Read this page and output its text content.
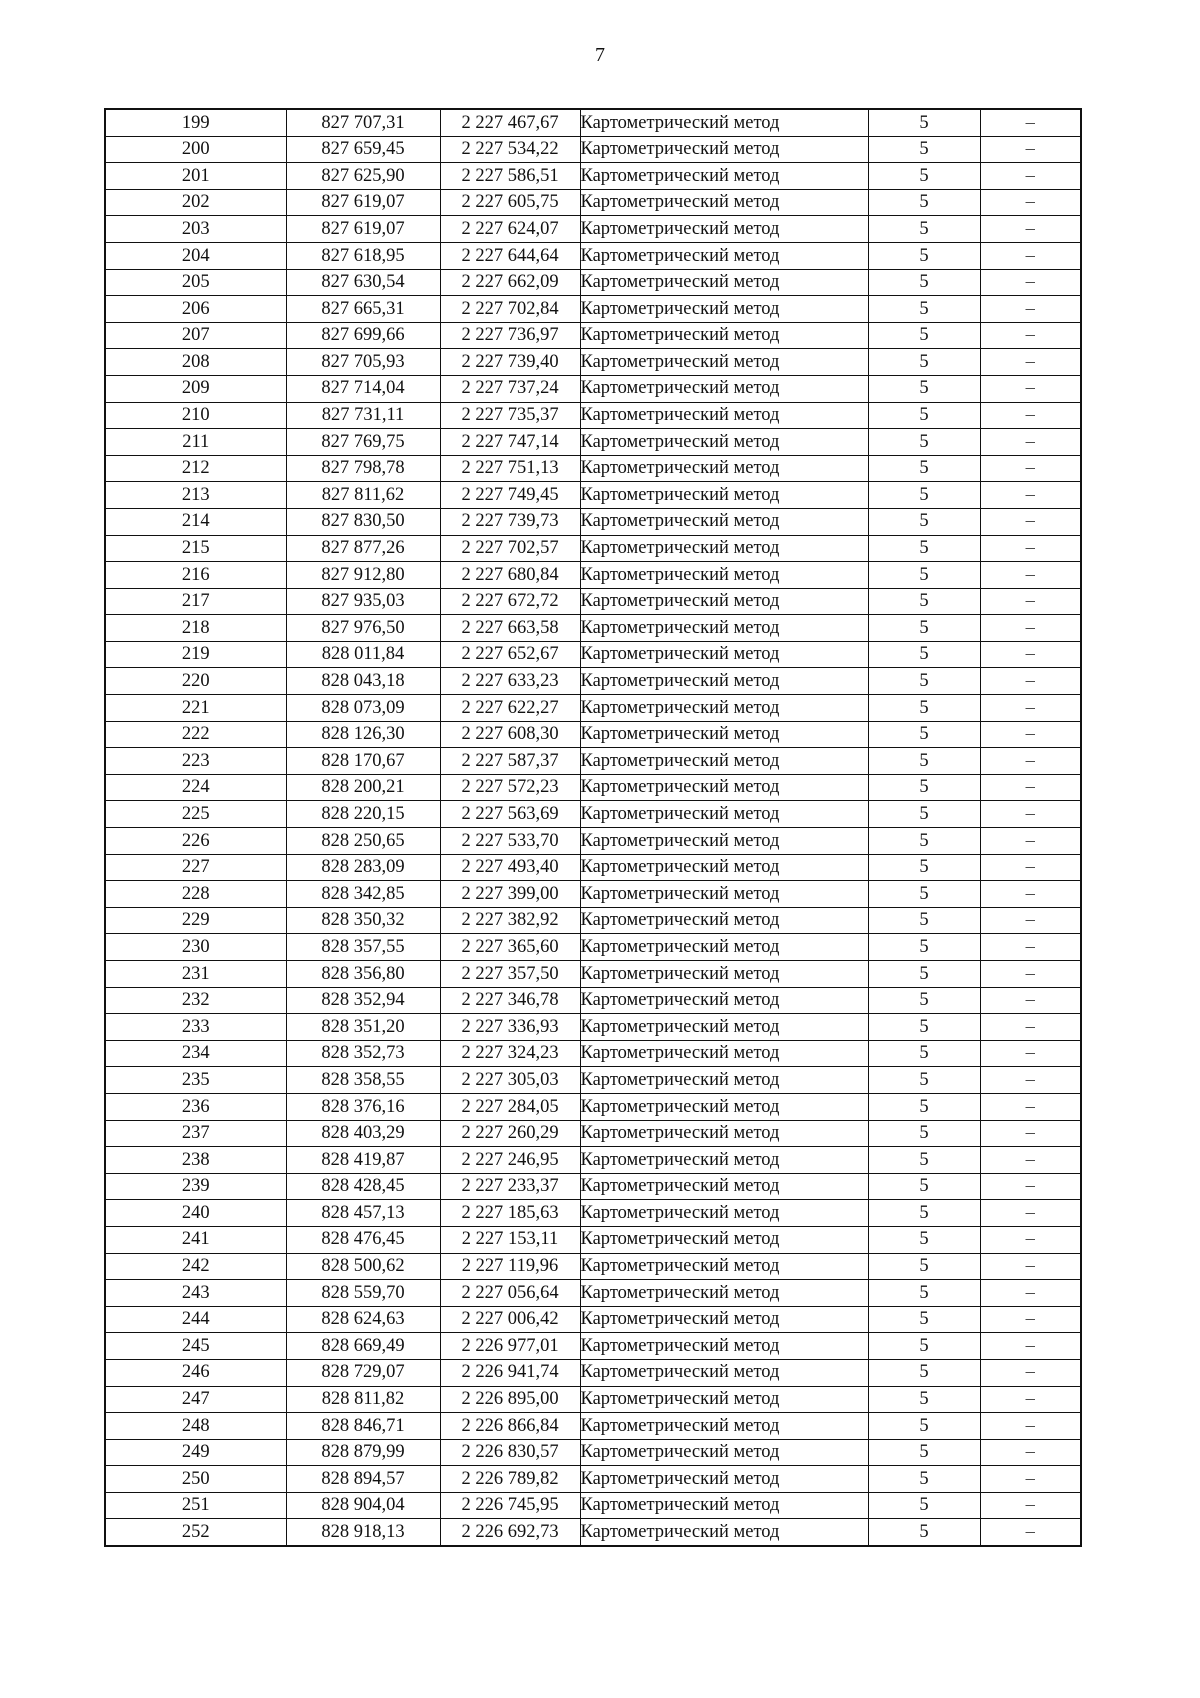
7
199	827 707,31	2 227 467,67	Картометрический метод	5	–
200	827 659,45	2 227 534,22	Картометрический метод	5	–
201	827 625,90	2 227 586,51	Картометрический метод	5	–
202	827 619,07	2 227 605,75	Картометрический метод	5	–
203	827 619,07	2 227 624,07	Картометрический метод	5	–
204	827 618,95	2 227 644,64	Картометрический метод	5	–
205	827 630,54	2 227 662,09	Картометрический метод	5	–
206	827 665,31	2 227 702,84	Картометрический метод	5	–
207	827 699,66	2 227 736,97	Картометрический метод	5	–
208	827 705,93	2 227 739,40	Картометрический метод	5	–
209	827 714,04	2 227 737,24	Картометрический метод	5	–
210	827 731,11	2 227 735,37	Картометрический метод	5	–
211	827 769,75	2 227 747,14	Картометрический метод	5	–
212	827 798,78	2 227 751,13	Картометрический метод	5	–
213	827 811,62	2 227 749,45	Картометрический метод	5	–
214	827 830,50	2 227 739,73	Картометрический метод	5	–
215	827 877,26	2 227 702,57	Картометрический метод	5	–
216	827 912,80	2 227 680,84	Картометрический метод	5	–
217	827 935,03	2 227 672,72	Картометрический метод	5	–
218	827 976,50	2 227 663,58	Картометрический метод	5	–
219	828 011,84	2 227 652,67	Картометрический метод	5	–
220	828 043,18	2 227 633,23	Картометрический метод	5	–
221	828 073,09	2 227 622,27	Картометрический метод	5	–
222	828 126,30	2 227 608,30	Картометрический метод	5	–
223	828 170,67	2 227 587,37	Картометрический метод	5	–
224	828 200,21	2 227 572,23	Картометрический метод	5	–
225	828 220,15	2 227 563,69	Картометрический метод	5	–
226	828 250,65	2 227 533,70	Картометрический метод	5	–
227	828 283,09	2 227 493,40	Картометрический метод	5	–
228	828 342,85	2 227 399,00	Картометрический метод	5	–
229	828 350,32	2 227 382,92	Картометрический метод	5	–
230	828 357,55	2 227 365,60	Картометрический метод	5	–
231	828 356,80	2 227 357,50	Картометрический метод	5	–
232	828 352,94	2 227 346,78	Картометрический метод	5	–
233	828 351,20	2 227 336,93	Картометрический метод	5	–
234	828 352,73	2 227 324,23	Картометрический метод	5	–
235	828 358,55	2 227 305,03	Картометрический метод	5	–
236	828 376,16	2 227 284,05	Картометрический метод	5	–
237	828 403,29	2 227 260,29	Картометрический метод	5	–
238	828 419,87	2 227 246,95	Картометрический метод	5	–
239	828 428,45	2 227 233,37	Картометрический метод	5	–
240	828 457,13	2 227 185,63	Картометрический метод	5	–
241	828 476,45	2 227 153,11	Картометрический метод	5	–
242	828 500,62	2 227 119,96	Картометрический метод	5	–
243	828 559,70	2 227 056,64	Картометрический метод	5	–
244	828 624,63	2 227 006,42	Картометрический метод	5	–
245	828 669,49	2 226 977,01	Картометрический метод	5	–
246	828 729,07	2 226 941,74	Картометрический метод	5	–
247	828 811,82	2 226 895,00	Картометрический метод	5	–
248	828 846,71	2 226 866,84	Картометрический метод	5	–
249	828 879,99	2 226 830,57	Картометрический метод	5	–
250	828 894,57	2 226 789,82	Картометрический метод	5	–
251	828 904,04	2 226 745,95	Картометрический метод	5	–
252	828 918,13	2 226 692,73	Картометрический метод	5	–
